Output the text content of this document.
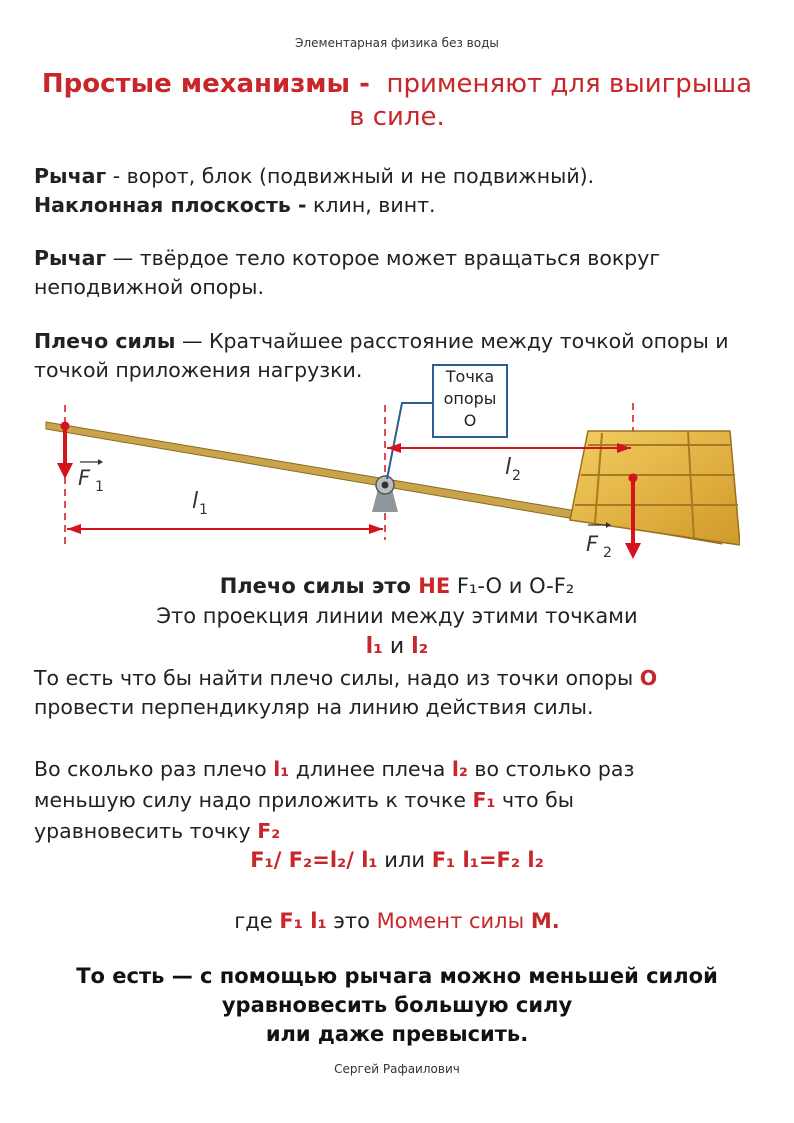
Элементарная физика без воды
Простые механизмы - применяют для выигрыша
в силе.
Рычаг - ворот, блок (подвижный и не подвижный).
Наклонная плоскость - клин, винт.
Рычаг — твёрдое тело которое может вращаться вокруг
неподвижной опоры.
Плечо силы — Кратчайшее расстояние между точкой опоры и
точкой приложения нагрузки.
F 1
F 2
l 1
l 2
Точка
опоры
О
Плечо силы это НЕ F₁-O и O-F₂
Это проекция линии между этими точками
l₁ и l₂
То есть что бы найти плечо силы, надо из точки опоры O
провести перпендикуляр на линию действия силы.
Во сколько раз плечо l₁ длинее плеча l₂ во столько раз
меньшую силу надо приложить к точке F₁ что бы
уравновесить точку F₂
F₁/ F₂=l₂/ l₁ или F₁ l₁=F₂ l₂
где F₁ l₁ это Момент силы M.
То есть — с помощью рычага можно меньшей силой
уравновесить большую силу
или даже превысить.
Сергей Рафаилович
